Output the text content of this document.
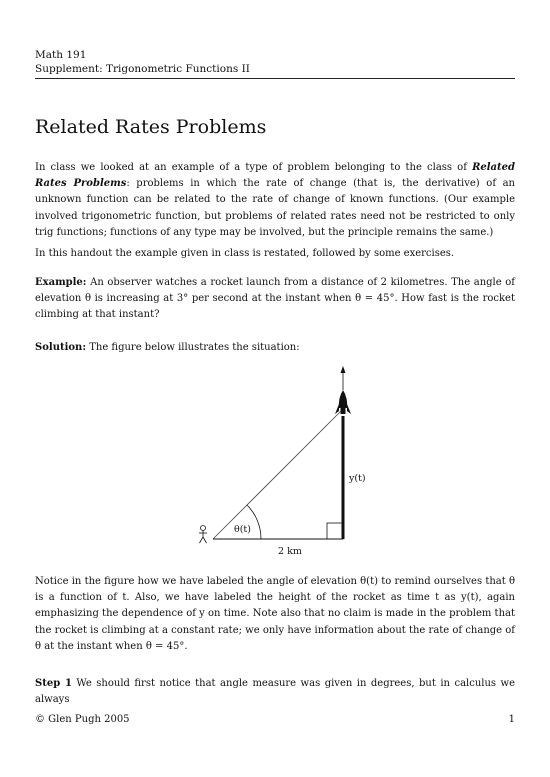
Math 191
Supplement: Trigonometric Functions II
Related Rates Problems

In class we looked at an example of a type of problem belonging to the class of Related Rates Problems: problems in which the rate of change (that is, the derivative) of an unknown function can be related to the rate of change of known functions. (Our example involved trigonometric function, but problems of related rates need not be restricted to only trig functions; functions of any type may be involved, but the principle remains the same.)

In this handout the example given in class is restated, followed by some exercises.

Example: An observer watches a rocket launch from a distance of 2 kilometres. The angle of elevation θ is increasing at 3° per second at the instant when θ = 45°. How fast is the rocket climbing at that instant?

Solution: The figure below illustrates the situation:

y(t)
θ(t)
2 km

Notice in the figure how we have labeled the angle of elevation θ(t) to remind ourselves that θ is a function of t. Also, we have labeled the height of the rocket as time t as y(t), again emphasizing the dependence of y on time. Note also that no claim is made in the problem that the rocket is climbing at a constant rate; we only have information about the rate of change of θ at the instant when θ = 45°.

Step 1 We should first notice that angle measure was given in degrees, but in calculus we always

© Glen Pugh 2005	1
